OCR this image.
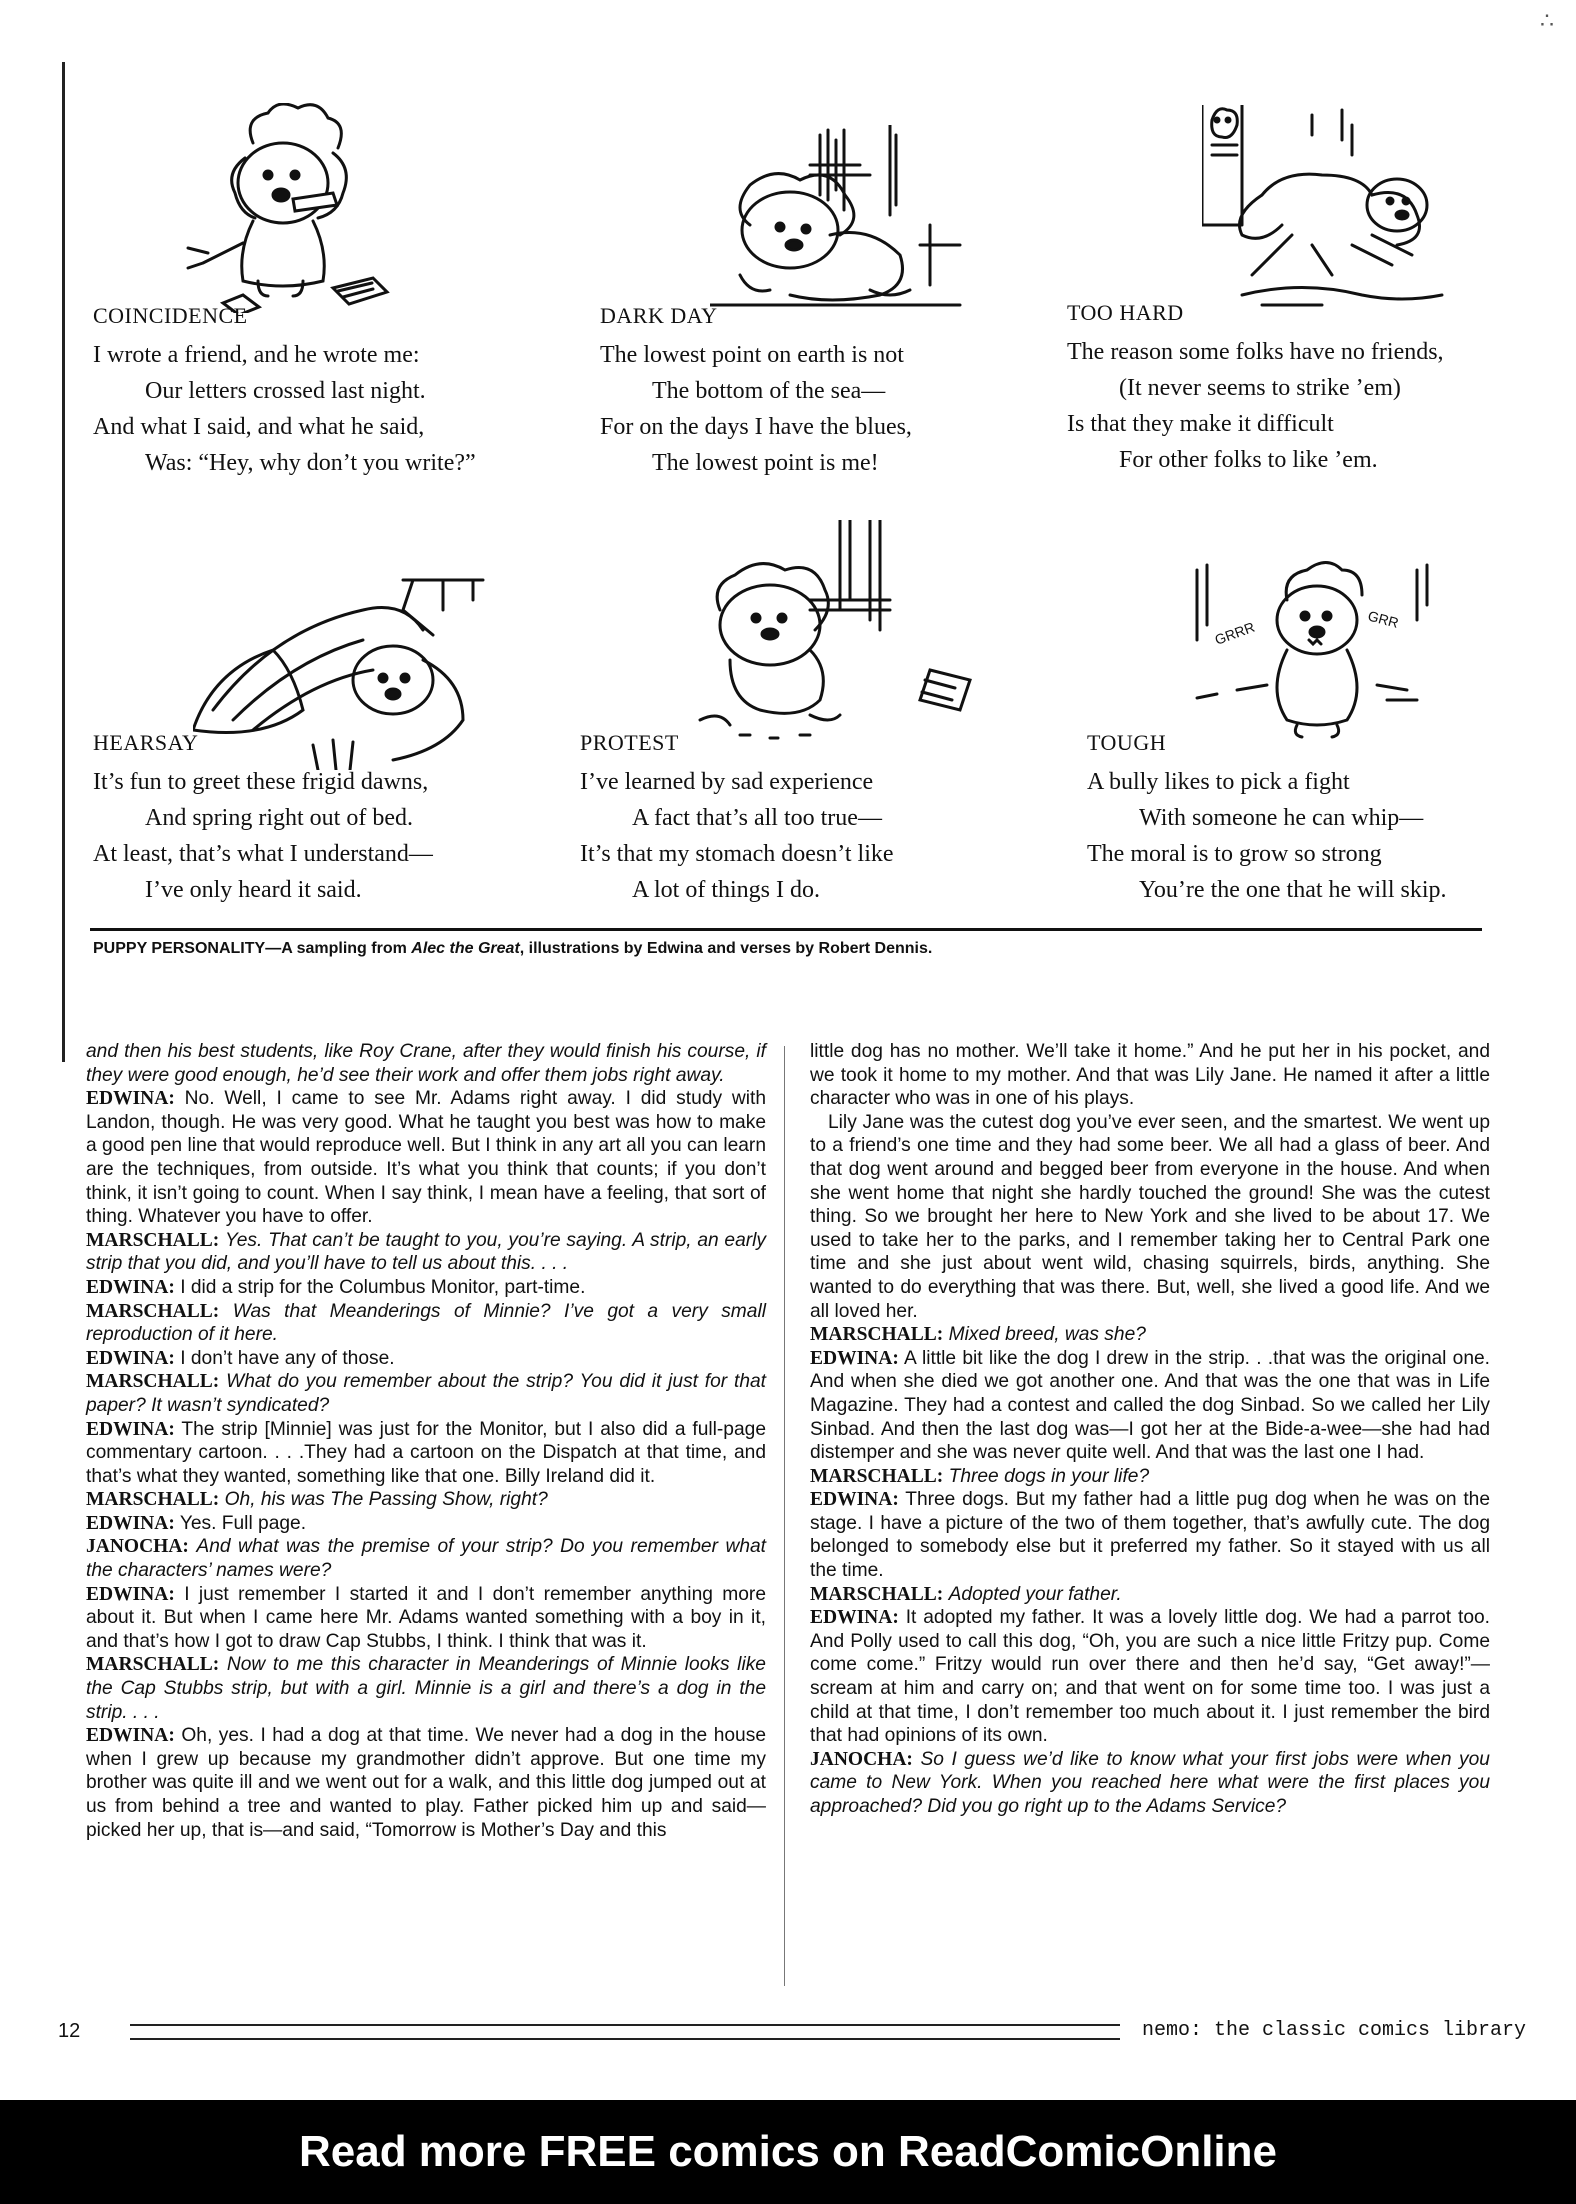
∴
COINCIDENCE
I wrote a friend, and he wrote me:
Our letters crossed last night.
And what I said, and what he said,
Was: “Hey, why don’t you write?”
DARK DAY
The lowest point on earth is not
The bottom of the sea—
For on the days I have the blues,
The lowest point is me!
TOO HARD
The reason some folks have no friends,
(It never seems to strike ’em)
Is that they make it difficult
For other folks to like ’em.
HEARSAY
It’s fun to greet these frigid dawns,
And spring right out of bed.
At least, that’s what I understand—
I’ve only heard it said.
PROTEST
I’ve learned by sad experience
A fact that’s all too true—
It’s that my stomach doesn’t like
A lot of things I do.
GRRR	GRR
TOUGH
A bully likes to pick a fight
With someone he can whip—
The moral is to grow so strong
You’re the one that he will skip.
PUPPY PERSONALITY—A sampling from Alec the Great, illustrations by Edwina and verses by Robert Dennis.

and then his best students, like Roy Crane, after they would finish his course, if they were good enough, he’d see their work and offer them jobs right away.

EDWINA: No. Well, I came to see Mr. Adams right away. I did study with Landon, though. He was very good. What he taught you best was how to make a good pen line that would reproduce well. But I think in any art all you can learn are the techniques, from outside. It’s what you think that counts; if you don’t think, it isn’t going to count. When I say think, I mean have a feeling, that sort of thing. Whatever you have to offer.

MARSCHALL: Yes. That can’t be taught to you, you’re saying. A strip, an early strip that you did, and you’ll have to tell us about this. . . .

EDWINA: I did a strip for the Columbus Monitor, part-time.

MARSCHALL: Was that Meanderings of Minnie? I’ve got a very small reproduction of it here.

EDWINA: I don’t have any of those.

MARSCHALL: What do you remember about the strip? You did it just for that paper? It wasn’t syndicated?

EDWINA: The strip [Minnie] was just for the Monitor, but I also did a full-page commentary cartoon. . . .They had a cartoon on the Dispatch at that time, and that’s what they wanted, something like that one. Billy Ireland did it.

MARSCHALL: Oh, his was The Passing Show, right?

EDWINA: Yes. Full page.

JANOCHA: And what was the premise of your strip? Do you remember what the characters’ names were?

EDWINA: I just remember I started it and I don’t remember anything more about it. But when I came here Mr. Adams wanted something with a boy in it, and that’s how I got to draw Cap Stubbs, I think. I think that was it.

MARSCHALL: Now to me this character in Meanderings of Minnie looks like the Cap Stubbs strip, but with a girl. Minnie is a girl and there’s a dog in the strip. . . .

EDWINA: Oh, yes. I had a dog at that time. We never had a dog in the house when I grew up because my grandmother didn’t approve. But one time my brother was quite ill and we went out for a walk, and this little dog jumped out at us from behind a tree and wanted to play. Father picked him up and said—picked her up, that is—and said, “Tomorrow is Mother’s Day and this

little dog has no mother. We’ll take it home.” And he put her in his pocket, and we took it home to my mother. And that was Lily Jane. He named it after a little character who was in one of his plays.

Lily Jane was the cutest dog you’ve ever seen, and the smartest. We went up to a friend’s one time and they had some beer. We all had a glass of beer. And that dog went around and begged beer from everyone in the house. And when she went home that night she hardly touched the ground! She was the cutest thing. So we brought her here to New York and she lived to be about 17. We used to take her to the parks, and I remember taking her to Central Park one time and she just about went wild, chasing squirrels, birds, anything. She wanted to do everything that was there. But, well, she lived a good life. And we all loved her.

MARSCHALL: Mixed breed, was she?

EDWINA: A little bit like the dog I drew in the strip. . .that was the original one. And when she died we got another one. And that was the one that was in Life Magazine. They had a contest and called the dog Sinbad. So we called her Lily Sinbad. And then the last dog was—I got her at the Bide-a-wee—she had had distemper and she was never quite well. And that was the last one I had.

MARSCHALL: Three dogs in your life?

EDWINA: Three dogs. But my father had a little pug dog when he was on the stage. I have a picture of the two of them together, that’s awfully cute. The dog belonged to somebody else but it preferred my father. So it stayed with us all the time.

MARSCHALL: Adopted your father.

EDWINA: It adopted my father. It was a lovely little dog. We had a parrot too. And Polly used to call this dog, “Oh, you are such a nice little Fritzy pup. Come come come.” Fritzy would run over there and then he’d say, “Get away!”—scream at him and carry on; and that went on for some time too. I was just a child at that time, I don’t remember too much about it. I just remember the bird that had opinions of its own.

JANOCHA: So I guess we’d like to know what your first jobs were when you came to New York. When you reached here what were the first places you approached? Did you go right up to the Adams Service?

12	nemo: the classic comics library
Read more FREE comics on ReadComicOnline
